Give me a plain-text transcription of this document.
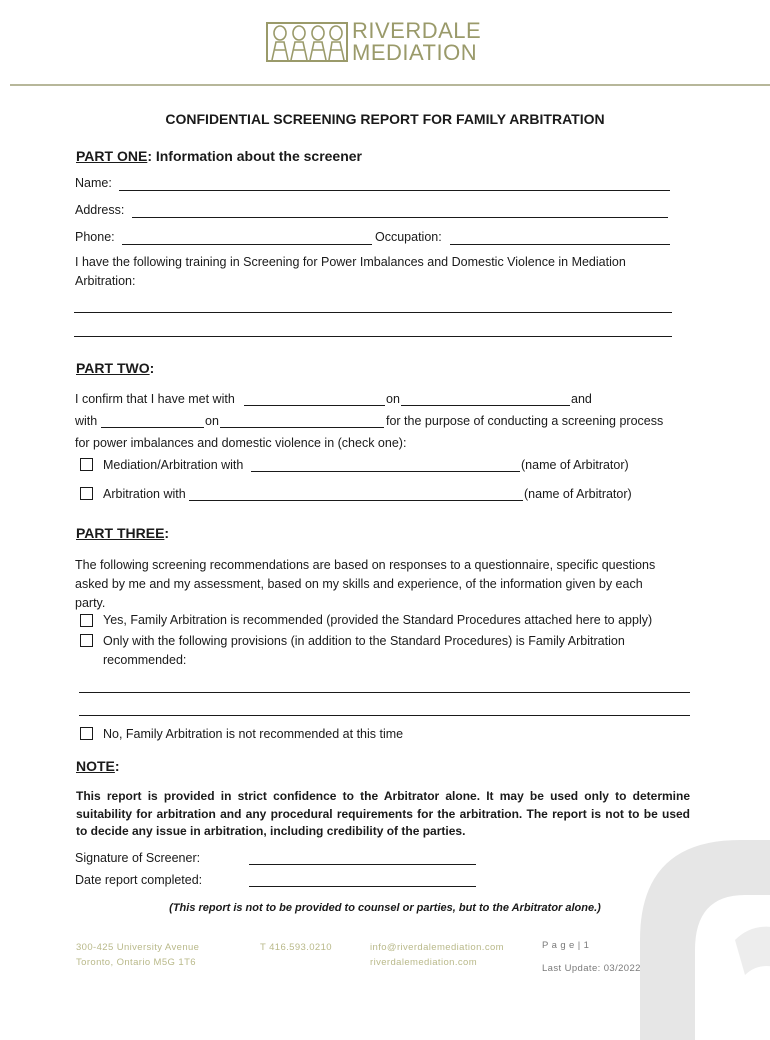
RIVERDALE
MEDIATION
CONFIDENTIAL SCREENING REPORT FOR FAMILY ARBITRATION
PART ONE: Information about the screener
Name:
Address:
Phone:	Occupation:
I have the following training in Screening for Power Imbalances and Domestic Violence in Mediation Arbitration:
PART TWO:
I confirm that I have met with	on	and
with	on	for the purpose of conducting a screening process
for power imbalances and domestic violence in (check one):
Mediation/Arbitration with	(name of Arbitrator)
Arbitration with	(name of Arbitrator)
PART THREE:
The following screening recommendations are based on responses to a questionnaire, specific questions asked by me and my assessment, based on my skills and experience, of the information given by each party.
Yes, Family Arbitration is recommended (provided the Standard Procedures attached here to apply)
Only with the following provisions (in addition to the Standard Procedures) is Family Arbitration recommended:
No, Family Arbitration is not recommended at this time
NOTE:
This report is provided in strict confidence to the Arbitrator alone. It may be used only to determine suitability for arbitration and any procedural requirements for the arbitration. The report is not to be used to decide any issue in arbitration, including credibility of the parties.
Signature of Screener:
Date report completed:
(This report is not to be provided to counsel or parties, but to the Arbitrator alone.)
300-425 University Avenue
Toronto, Ontario M5G 1T6
T 416.593.0210	info@riverdalemediation.com
riverdalemediation.com
P a g e | 1
Last Update: 03/2022
